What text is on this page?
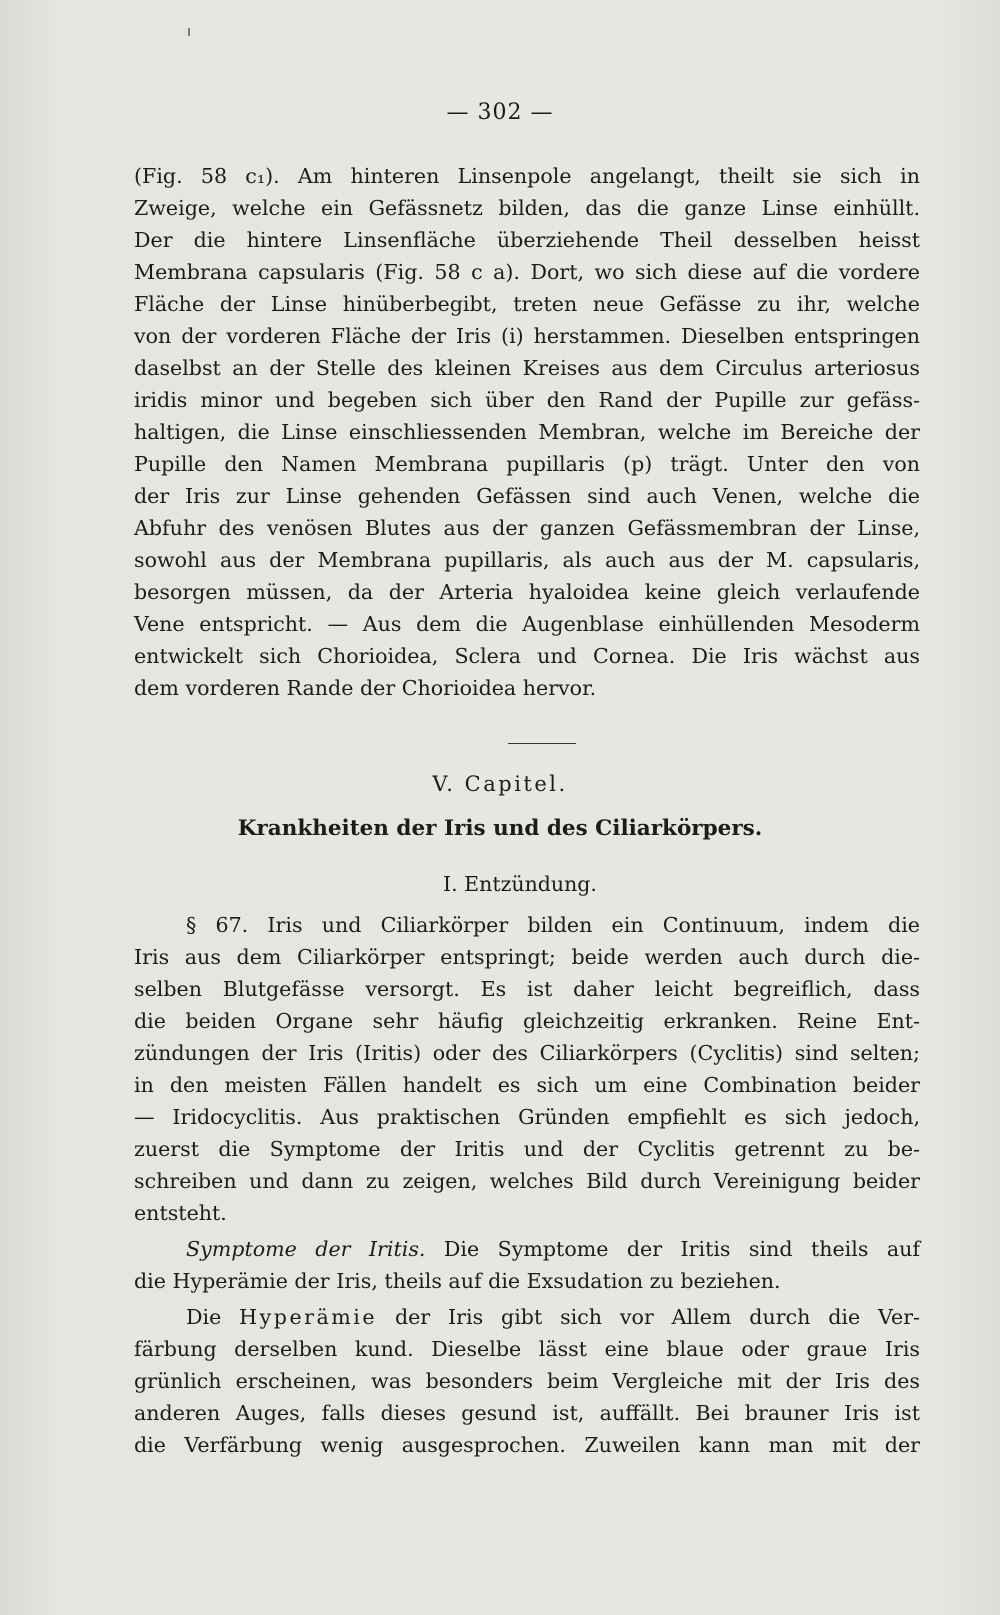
— 302 —
(Fig. 58 c₁). Am hinteren Linsenpole angelangt, theilt sie sich in
Zweige, welche ein Gefässnetz bilden, das die ganze Linse einhüllt.
Der die hintere Linsenfläche überziehende Theil desselben heisst
Membrana capsularis (Fig. 58 c a). Dort, wo sich diese auf die vordere
Fläche der Linse hinüberbegibt, treten neue Gefässe zu ihr, welche
von der vorderen Fläche der Iris (i) herstammen. Dieselben entspringen
daselbst an der Stelle des kleinen Kreises aus dem Circulus arteriosus
iridis minor und begeben sich über den Rand der Pupille zur gefäss-
haltigen, die Linse einschliessenden Membran, welche im Bereiche der
Pupille den Namen Membrana pupillaris (p) trägt. Unter den von
der Iris zur Linse gehenden Gefässen sind auch Venen, welche die
Abfuhr des venösen Blutes aus der ganzen Gefässmembran der Linse,
sowohl aus der Membrana pupillaris, als auch aus der M. capsularis,
besorgen müssen, da der Arteria hyaloidea keine gleich verlaufende
Vene entspricht. — Aus dem die Augenblase einhüllenden Mesoderm
entwickelt sich Chorioidea, Sclera und Cornea. Die Iris wächst aus
dem vorderen Rande der Chorioidea hervor.
V. Capitel.
Krankheiten der Iris und des Ciliarkörpers.
I. Entzündung.
§ 67. Iris und Ciliarkörper bilden ein Continuum, indem die
Iris aus dem Ciliarkörper entspringt; beide werden auch durch die-
selben Blutgefässe versorgt. Es ist daher leicht begreiflich, dass
die beiden Organe sehr häufig gleichzeitig erkranken. Reine Ent-
zündungen der Iris (Iritis) oder des Ciliarkörpers (Cyclitis) sind selten;
in den meisten Fällen handelt es sich um eine Combination beider
— Iridocyclitis. Aus praktischen Gründen empfiehlt es sich jedoch,
zuerst die Symptome der Iritis und der Cyclitis getrennt zu be-
schreiben und dann zu zeigen, welches Bild durch Vereinigung beider
entsteht.
Symptome der Iritis. Die Symptome der Iritis sind theils auf
die Hyperämie der Iris, theils auf die Exsudation zu beziehen.
Die Hyperämie der Iris gibt sich vor Allem durch die Ver-
färbung derselben kund. Dieselbe lässt eine blaue oder graue Iris
grünlich erscheinen, was besonders beim Vergleiche mit der Iris des
anderen Auges, falls dieses gesund ist, auffällt. Bei brauner Iris ist
die Verfärbung wenig ausgesprochen. Zuweilen kann man mit der
